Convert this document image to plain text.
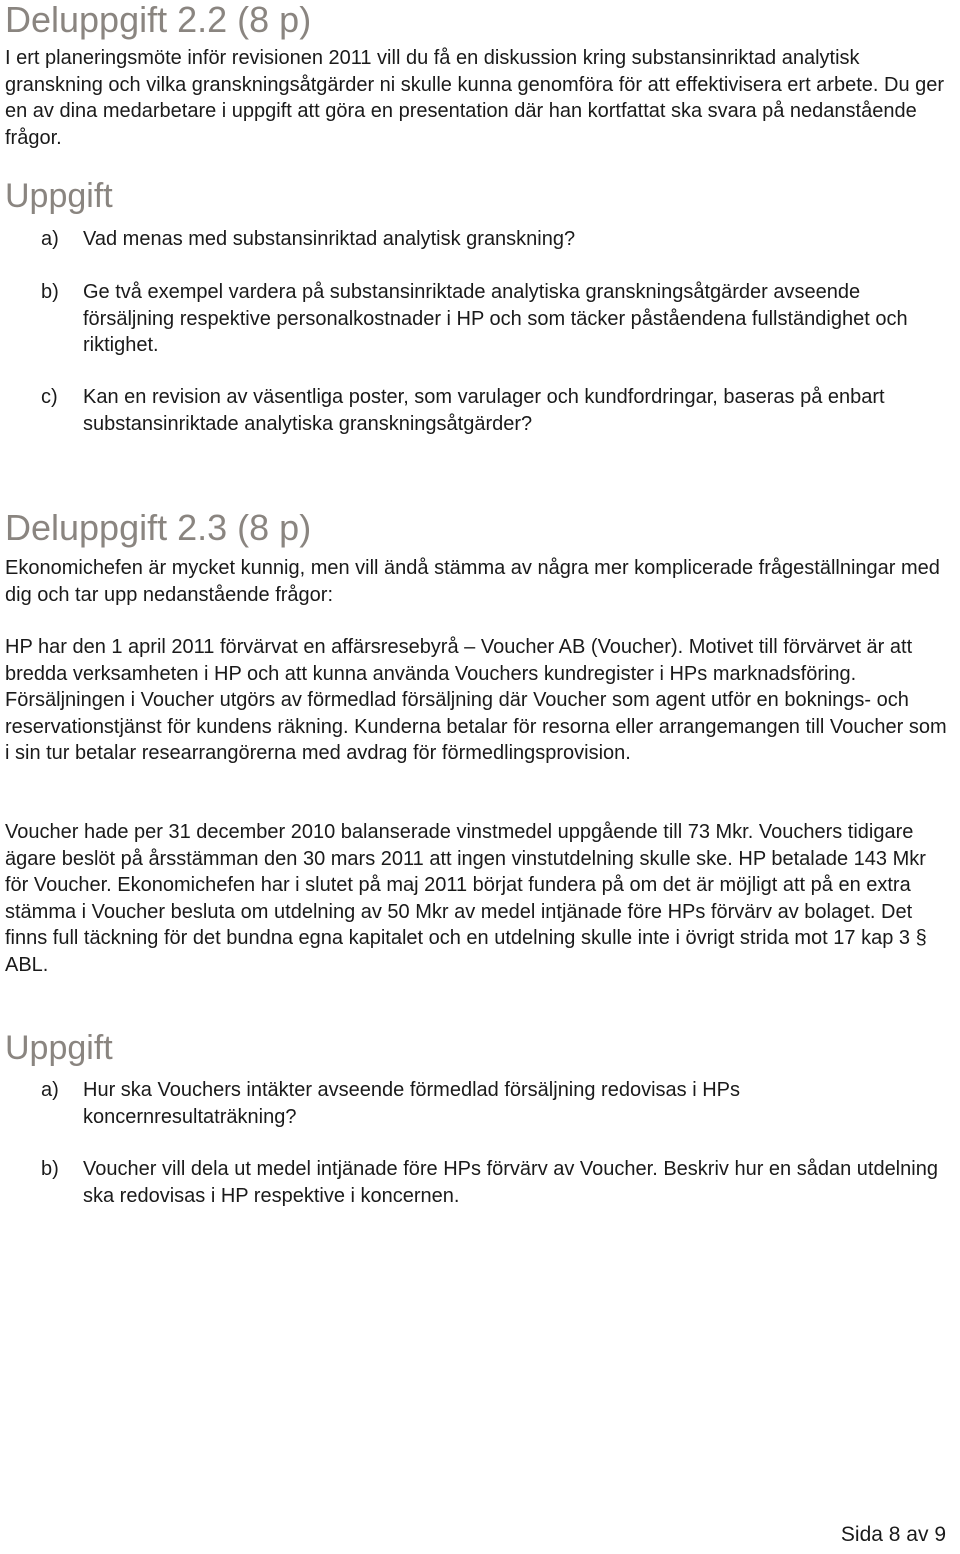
Deluppgift 2.2 (8 p)
I ert planeringsmöte inför revisionen 2011 vill du få en diskussion kring substansinriktad analytisk granskning och vilka granskningsåtgärder ni skulle kunna genomföra för att effektivisera ert arbete. Du ger en av dina medarbetare i uppgift att göra en presentation där han kortfattat ska svara på nedanstående frågor.
Uppgift
a) Vad menas med substansinriktad analytisk granskning?
b) Ge två exempel vardera på substansinriktade analytiska granskningsåtgärder avseende försäljning respektive personalkostnader i HP och som täcker påståendena fullständighet och riktighet.
c) Kan en revision av väsentliga poster, som varulager och kundfordringar, baseras på enbart substansinriktade analytiska granskningsåtgärder?
Deluppgift 2.3 (8 p)
Ekonomichefen är mycket kunnig, men vill ändå stämma av några mer komplicerade frågeställningar med dig och tar upp nedanstående frågor:
HP har den 1 april 2011 förvärvat en affärsresebyrå – Voucher AB (Voucher). Motivet till förvärvet är att bredda verksamheten i HP och att kunna använda Vouchers kundregister i HPs marknadsföring. Försäljningen i Voucher utgörs av förmedlad försäljning där Voucher som agent utför en boknings- och reservationstjänst för kundens räkning. Kunderna betalar för resorna eller arrangemangen till Voucher som i sin tur betalar researrangörerna med avdrag för förmedlingsprovision.
Voucher hade per 31 december 2010 balanserade vinstmedel uppgående till 73 Mkr. Vouchers tidigare ägare beslöt på årsstämman den 30 mars 2011 att ingen vinstutdelning skulle ske. HP betalade 143 Mkr för Voucher. Ekonomichefen har i slutet på maj 2011 börjat fundera på om det är möjligt att på en extra stämma i Voucher besluta om utdelning av 50 Mkr av medel intjänade före HPs förvärv av bolaget. Det finns full täckning för det bundna egna kapitalet och en utdelning skulle inte i övrigt strida mot 17 kap 3 § ABL.
Uppgift
a) Hur ska Vouchers intäkter avseende förmedlad försäljning redovisas i HPs koncernresultaträkning?
b) Voucher vill dela ut medel intjänade före HPs förvärv av Voucher. Beskriv hur en sådan utdelning ska redovisas i HP respektive i koncernen.
Sida 8 av 9
